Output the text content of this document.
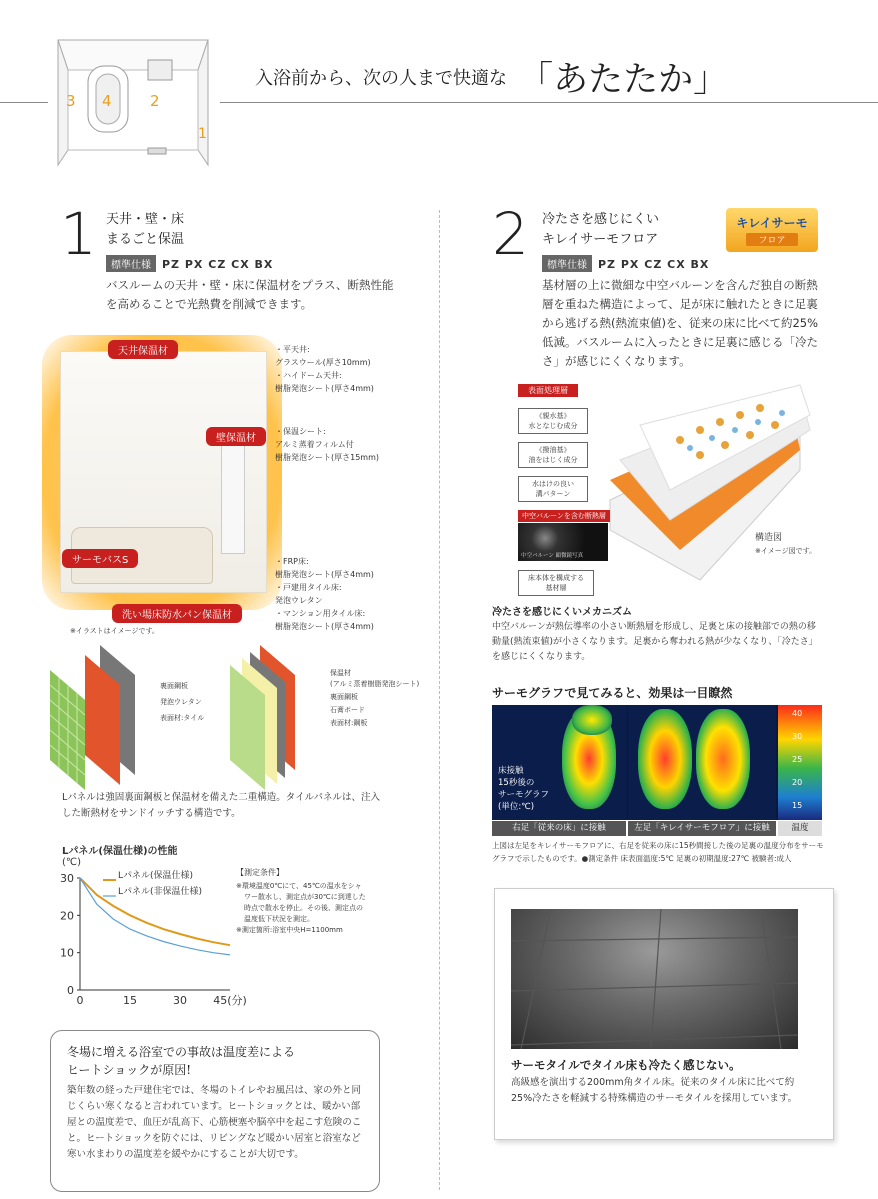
3 4	2
1
入浴前から、次の人まで快適な 「あたたか」
1 天井・壁・床
まるごと保温
標準仕様 PZ PX CZ CX BX
バスルームの天井・壁・床に保温材をプラス、断熱性能を高めることで光熱費を削減できます。
天井保温材
壁保温材
サーモバスS
洗い場床防水パン保温材
・平天井:
グラスウール(厚さ10mm)
・ハイドーム天井:
樹脂発泡シート(厚さ4mm)
・保温シート:
アルミ蒸着フィルム付
樹脂発泡シート(厚さ15mm)
・FRP床:
樹脂発泡シート(厚さ4mm)
・戸建用タイル床:
発泡ウレタン
・マンション用タイル床:
樹脂発泡シート(厚さ4mm)
※イラストはイメージです。
裏面鋼板
発泡ウレタン
表面材:タイル
保温材
(アルミ蒸着樹脂発泡シート)
裏面鋼板
石膏ボード
表面材:鋼板
Lパネルは強固裏面鋼板と保温材を備えた二重構造。タイルパネルは、注入した断熱材をサンドイッチする構造です。
Lパネル(保温仕様)の性能
(℃)
0
10
20
30
0	15	30 45(分)
Lパネル(保温仕様)
Lパネル(非保温仕様)
【測定条件】
※環境温度0℃にて、45℃の温水をシャ
ワー散水し、測定点が30℃に到達した
時点で散水を停止。その後、測定点の
温度低下状況を測定。
※測定箇所:浴室中央H=1100mm
冬場に増える浴室での事故は温度差による
ヒートショックが原因!
築年数の経った戸建住宅では、冬場のトイレやお風呂は、家の外と同じくらい寒くなると言われています。ヒートショックとは、暖かい部屋との温度差で、血圧が乱高下、心筋梗塞や脳卒中を起こす危険のこと。ヒートショックを防ぐには、リビングなど暖かい居室と浴室など寒い水まわりの温度差を緩やかにすることが大切です。
2 冷たさを感じにくい
キレイサーモフロア
キレイサーモ
フロア
標準仕様 PZ PX CZ CX BX
基材層の上に微細な中空バルーンを含んだ独自の断熱層を重ねた構造によって、足が床に触れたときに足裏から逃げる熱(熱流束値)を、従来の床に比べて約25%低減。バスルームに入ったときに足裏に感じる「冷たさ」が感じにくくなります。
表面処理層
《親水基》
水となじむ成分
《撥油基》
油をはじく成分
水はけの良い
溝パターン
中空バルーンを含む断熱層
中空バルーン 顕微鏡写真
床本体を構成する
基材層
構造図
※イメージ図です。
冷たさを感じにくいメカニズム
中空バルーンが熱伝導率の小さい断熱層を形成し、足裏と床の接触部での熱の移動量(熱流束値)が小さくなります。足裏から奪われる熱が少なくなり、「冷たさ」を感じにくくなります。
サーモグラフで見てみると、効果は一目瞭然
床接触
15秒後の
サーモグラフ
(単位:℃)
40
30
25
20
15
右足「従来の床」に接触	左足「キレイサーモフロア」に接触	温度
上図は左足をキレイサーモフロアに、右足を従来の床に15秒間接した後の足裏の温度分布をサーモグラフで示したものです。●測定条件 床表面温度:5℃ 足裏の初期温度:27℃ 被験者:成人
サーモタイルでタイル床も冷たく感じない。
高級感を演出する200mm角タイル床。従来のタイル床に比べて約25%冷たさを軽減する特殊構造のサーモタイルを採用しています。
